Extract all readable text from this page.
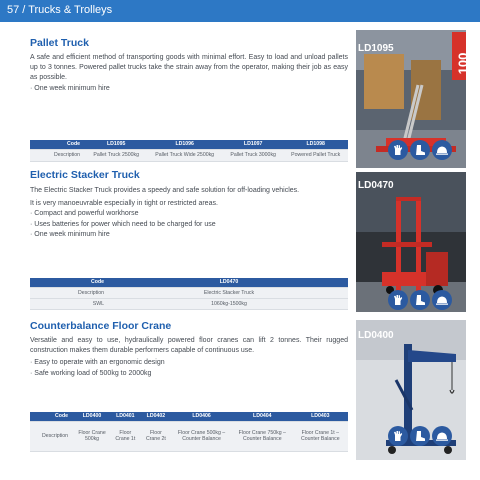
57 / Trucks & Trolleys
Pallet Truck
A safe and efficient method of transporting goods with minimal effort. Easy to load and unload pallets up to 3 tonnes. Powered pallet trucks take the strain away from the operator, making their job as easy as possible.
· One week minimum hire
Code	LD1095	LD1096	LD1097	LD1098
Description	Pallet Truck 2500kg	Pallet Truck Wide 2500kg	Pallet Truck 3000kg	Powered Pallet Truck
LD1095
100
Electric Stacker Truck
The Electric Stacker Truck provides a speedy and safe solution for off-loading vehicles.
It is very manoeuvrable especially in tight or restricted areas.
· Compact and powerful workhorse
· Uses batteries for power which need to be charged for use
· One week minimum hire
Code	LD0470
Description	Electric Stacker Truck
SWL	1060kg-1500kg
LD0470
Counterbalance Floor Crane
Versatile and easy to use, hydraulically powered floor cranes can lift 2 tonnes. Their rugged construction makes them durable performers capable of continuous use.
· Easy to operate with an ergonomic design
· Safe working load of 500kg to 2000kg
Code	LD0400	LD0401	LD0402	LD0406	LD0404	LD0403
Description	Floor Crane 500kg	Floor Crane 1t	Floor Crane 2t	Floor Crane 500kg – Counter Balance	Floor Crane 750kg – Counter Balance	Floor Crane 1t – Counter Balance
LD0400
